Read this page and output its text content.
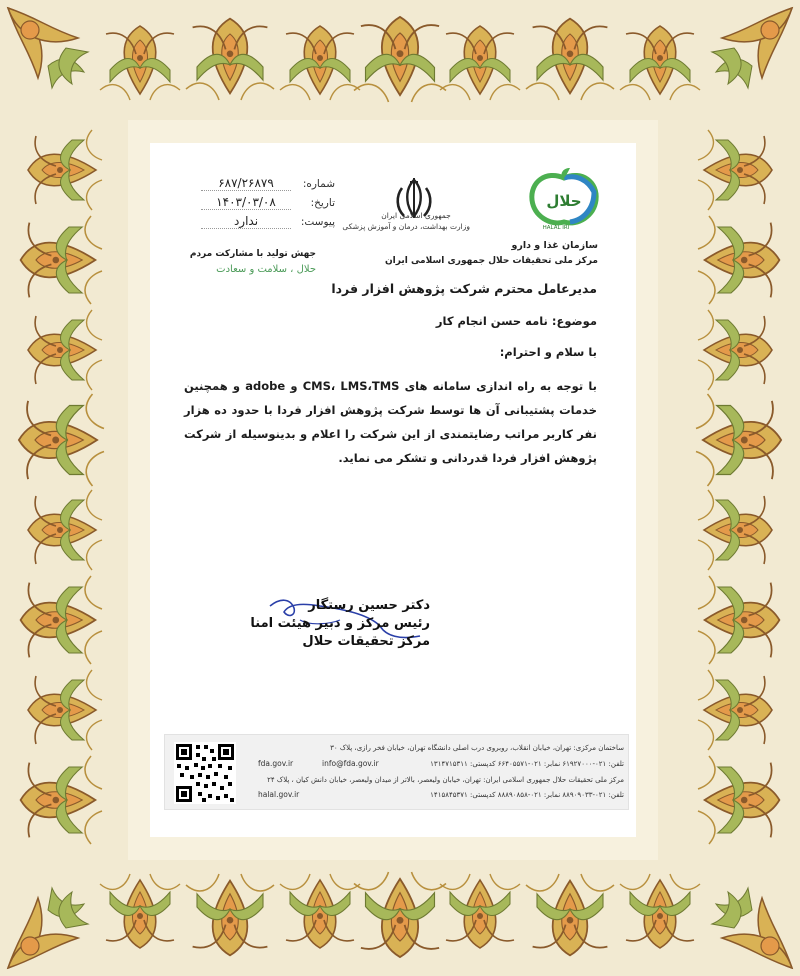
شماره:
۶۸۷/۲۶۸۷۹
تاریخ:
۱۴۰۳/۰۳/۰۸
پیوست:
ندارد
جهش تولید با مشارکت مردم
حلال ، سلامت و سعادت
جمهوری اسلامی ایران
وزارت بهداشت، درمان و آموزش پزشکی
حلال
HALAL IRI
سازمان غذا و دارو
مرکز ملی تحقیقات حلال جمهوری اسلامی ایران
مدیرعامل محترم شرکت پژوهش افزار فردا
موضوع: نامه حسن انجام کار
با سلام و احترام:
با توجه به راه اندازی سامانه های CMS، LMS،TMS و adobe و همچنین خدمات پشتیبانی آن ها توسط شرکت پژوهش افزار فردا با حدود ده هزار نفر کاربر مراتب رضایتمندی از این شرکت را اعلام و بدینوسیله از شرکت پژوهش افزار فردا قدردانی و تشکر می نماید.
دکتر حسین رستگار
رئیس مرکز و دبیر هیئت امنا
مرکز تحقیقات حلال
ساختمان مرکزی: تهران، خیابان انقلاب، روبروی درب اصلی دانشگاه تهران، خیابان فخر رازی، پلاک ۳۰
تلفن: ۰۲۱-۶۱۹۲۷۰۰۰ نمابر: ۰۲۱-۶۶۴۰۵۵۷۱ کدپستی: ۱۳۱۴۷۱۵۳۱۱
info@fda.gov.ir
fda.gov.ir
مرکز ملی تحقیقات حلال جمهوری اسلامی ایران: تهران، خیابان ولیعصر، بالاتر از میدان ولیعصر، خیابان دانش کیان ، پلاک ۲۴
تلفن: ۰۲۱-۸۸۹۰۹۰۳۳ نمابر: ۰۲۱-۸۸۸۹۰۸۵۸ کدپستی: ۱۴۱۵۸۴۵۳۷۱
halal.gov.ir
